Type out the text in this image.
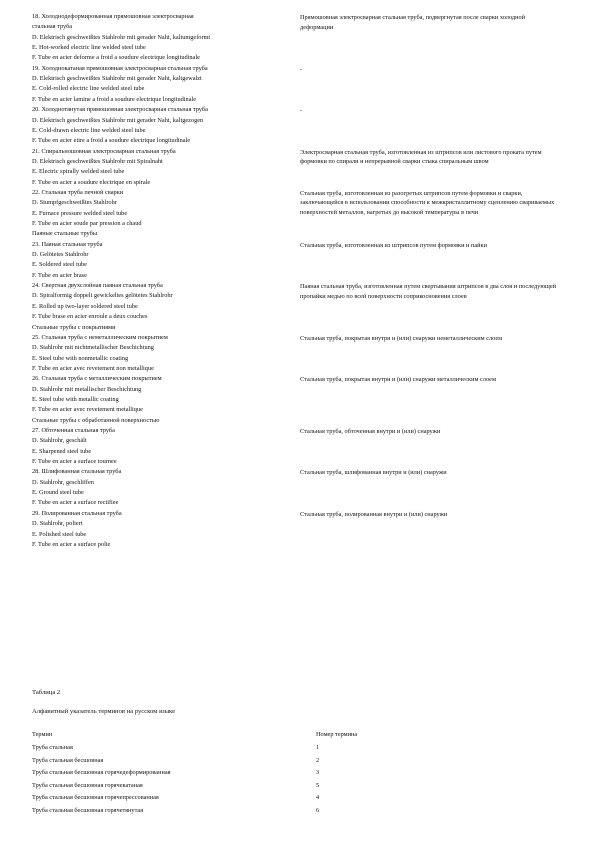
18. Холоднодеформированная прямошовная электросварная
стальная труба
D. Elektrisch geschweißtes Stahlrohr mit gerader Naht, kaltumgeformt
E. Hot-worked electric line welded steel tube
F. Tube en acier deforme a froid a soudure electrique longitudinale
Прямошовная электросварная стальная труба, подвергнутая после сварки холодной деформации
19. Холоднокатаная прямошовная электросварная стальная труба
D. Elektrisch geschweißtes Stahlrohr mit gerader Naht, kaltgewalzt
E. Cold-rolled electric line welded steel tube
F. Tube en acier lamine a froid a soudure electrique longitudinale
-
20. Холоднотянутая прямошовная электросварная стальная труба
D. Elektrisch geschweißtes Stahlrohr mit gerader Naht, kaltgezogen
E. Cold-drawn electric line welded steel tube
F. Tube en acier etire a froid a soudure electrique longitudinale
-
21. Спиральношовная электросварная стальная труба
D. Elektrisch geschweißtes Stahlrohr mit Spiralnaht
E. Electric spirally welded steel tube
F. Tube en acier a soudure electrique en spirale
Электросварная стальная труба, изготовленная из штрипсов или листового проката путем формовки по спирали и непрерывной сварки стыка спиральным швом
22. Стальная труба печной сварки
D. Stumpfgeschweißtes Stahlrohr
E. Furnace pressure welded steel tube
F. Tube en acier soude par pression a chaud
Стальная труба, изготовленная из разогретых штрипсов путем формовки и сварки, заключающейся в использовании способности к межкристаллитному сцеплению свариваемых поверхностей металлов, нагретых до высокой температуры в печи
Паяные стальные трубы
23. Паяная стальная труба
D. Gelötetes Stahlrohr
E. Soldered steel tube
F. Tube en acier brase
Стальная труба, изготовленная из штрипсов путем формовки и пайки
24. Свертная двухслойная паяная стальная труба
D. Spiralformig doppelt gewickeltes gelötetes Stahlrohr
E. Rolled up two-layer soldered steel tube
F. Tube brase en acier enroule a deux couches
Паяная стальная труба, изготовленная путем свертывания штрипсов в два слоя и последующей пропайки медью по всей поверхности соприкосновения слоев
Стальные трубы с покрытиями
25. Стальная труба с неметаллическим покрытием
D. Stahlrohr mit nichtmetallischer Beschichtung
E. Steel tube with nonmetallic coating
F. Tube en acier avec revetement non metallique
Стальная труба, покрытая внутри и (или) снаружи неметаллическим слоем
26. Стальная труба с металлическим покрытием
D. Stahlrohr mit metallischer Beschichtung
E. Steel tube with metallic coating
F. Tube en acier avec revetement metallique
Стальная труба, покрытая внутри и (или) снаружи металлическим слоем
Стальные трубы с обработанной поверхностью
27. Обточенная стальная труба
D. Stahlrohr, geschält
E. Sharpened steel tube
F. Tube en acier a surface tournee
Стальная труба, обточенная внутри и (или) снаружи
28. Шлифованная стальная труба
D. Stahlrohr, geschliffen
E. Ground steel tube
F. Tube en acier a surface rectifiee
Стальная труба, шлифованная внутри и (или) снаружи
29. Полированная стальная труба
D. Stahlrohr, poliert
E. Polished steel tube
F. Tube en acier a surface polie
Стальная труба, полированная внутри и (или) снаружи
Таблица 2
Алфавитный указатель терминов на русском языке
Термин	Номер термина
Труба стальная	1
Труба стальная бесшовная	2
Труба стальная бесшовная горячедеформированная	3
Труба стальная бесшовная горячекатаная	5
Труба стальная бесшовная горячепрессованная	4
Труба стальная бесшовная горячетянутая	6
